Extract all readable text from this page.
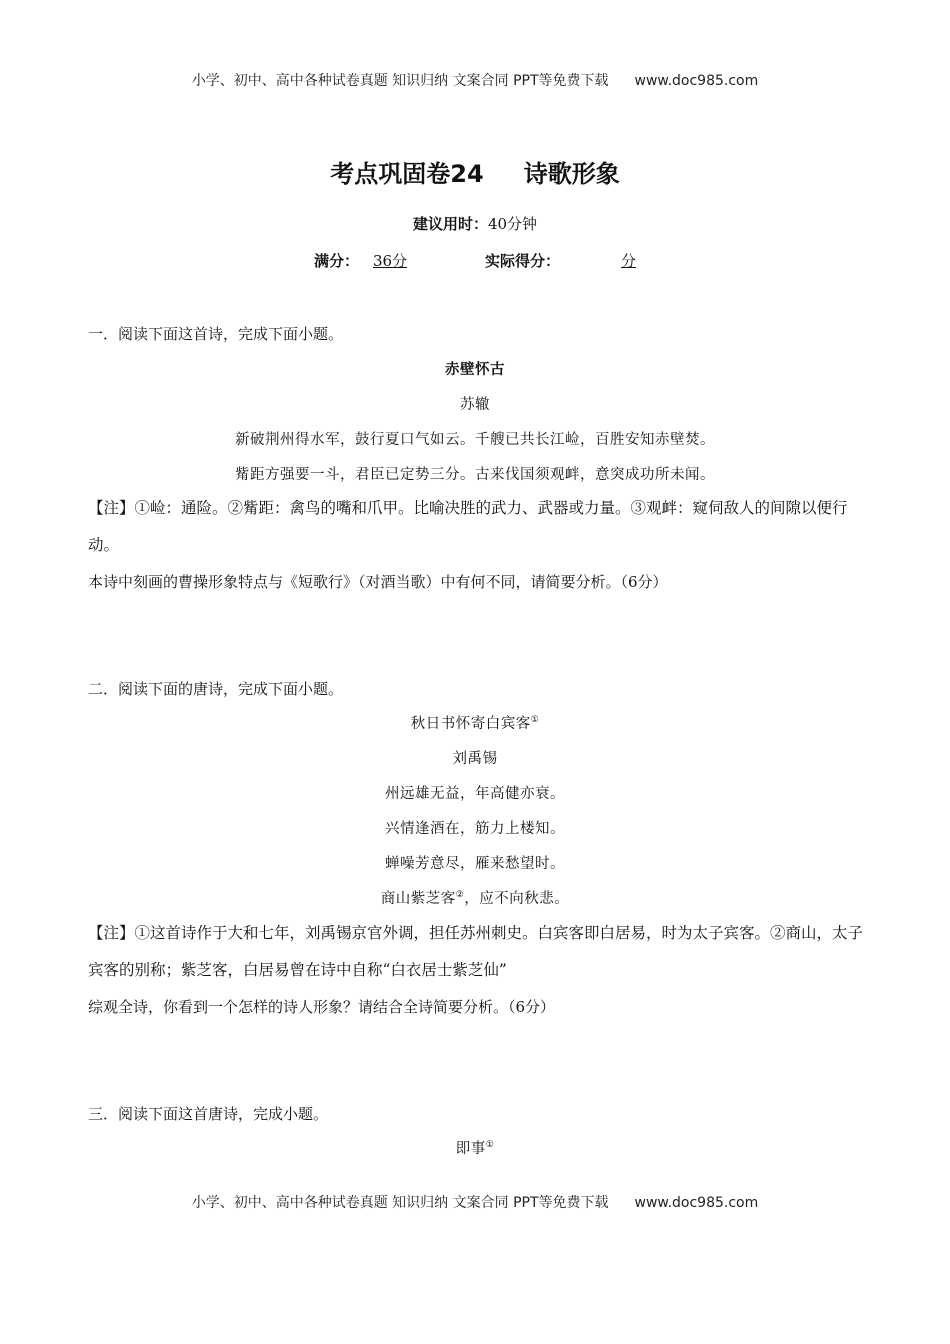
小学、初中、高中各种试卷真题 知识归纳 文案合同 PPT等免费下载 www.doc985.com
考点巩固卷24 诗歌形象
建议用时：40分钟
满分： 36分	实际得分：	分
一．阅读下面这首诗，完成下面小题。
赤壁怀古
苏辙
新破荆州得水军，鼓行夏口气如云。千艘已共长江崄，百胜安知赤壁焚。
觜距方强要一斗，君臣已定势三分。古来伐国须观衅，意突成功所未闻。
【注】①崄：通险。②觜距：禽鸟的嘴和爪甲。比喻决胜的武力、武器或力量。③观衅：窥伺敌人的间隙以便行动。
本诗中刻画的曹操形象特点与《短歌行》（对酒当歌）中有何不同，请简要分析。（6分）
二．阅读下面的唐诗，完成下面小题。
秋日书怀寄白宾客①
刘禹锡
州远雄无益，年高健亦衰。
兴情逢酒在，筋力上楼知。
蝉噪芳意尽，雁来愁望时。
商山紫芝客②，应不向秋悲。
【注】①这首诗作于大和七年，刘禹锡京官外调，担任苏州刺史。白宾客即白居易，时为太子宾客。②商山，太子宾客的别称；紫芝客，白居易曾在诗中自称“白衣居士紫芝仙”
综观全诗，你看到一个怎样的诗人形象？请结合全诗简要分析。（6分）
三．阅读下面这首唐诗，完成小题。
即事①
小学、初中、高中各种试卷真题 知识归纳 文案合同 PPT等免费下载 www.doc985.com
